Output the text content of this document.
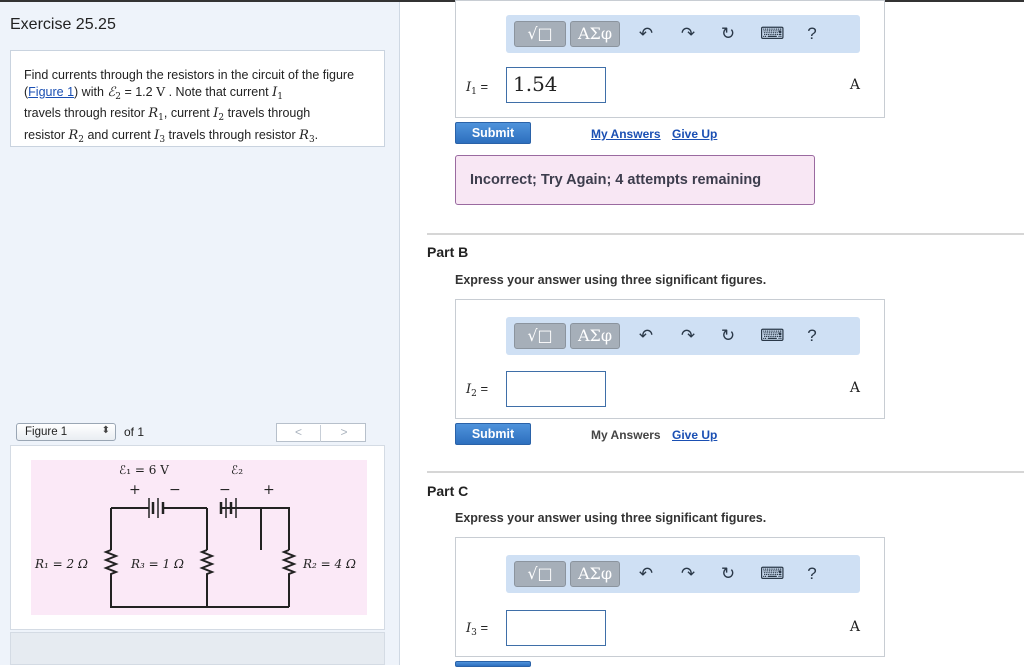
Exercise 25.25
Find currents through the resistors in the circuit of the figure (Figure 1) with ℰ$_2$ = 1.2 V . Note that current $I_1$
travels through resitor $R_1$, current $I_2$ travels through
resistor $R_2$ and current $I_3$ travels through resistor $R_3$.
Figure 1	⬍ of 1	<	>
ℰ₁ = 6 V	ℰ₂
+ −	− +
R₁ = 2 Ω	R₃ = 1 Ω	R₂ = 4 Ω
√□	ΑΣφ	↶ ↷ ↻ ⌨	?
$I_1$ =	1.54	A
Submit	My Answers Give Up
Incorrect; Try Again; 4 attempts remaining
Part B
Express your answer using three significant figures.
√□	ΑΣφ	↶ ↷ ↻ ⌨	?
$I_2$ =	A
Submit	My Answers Give Up
Part C
Express your answer using three significant figures.
√□	ΑΣφ	↶ ↷ ↻ ⌨	?
$I_3$ =	A
